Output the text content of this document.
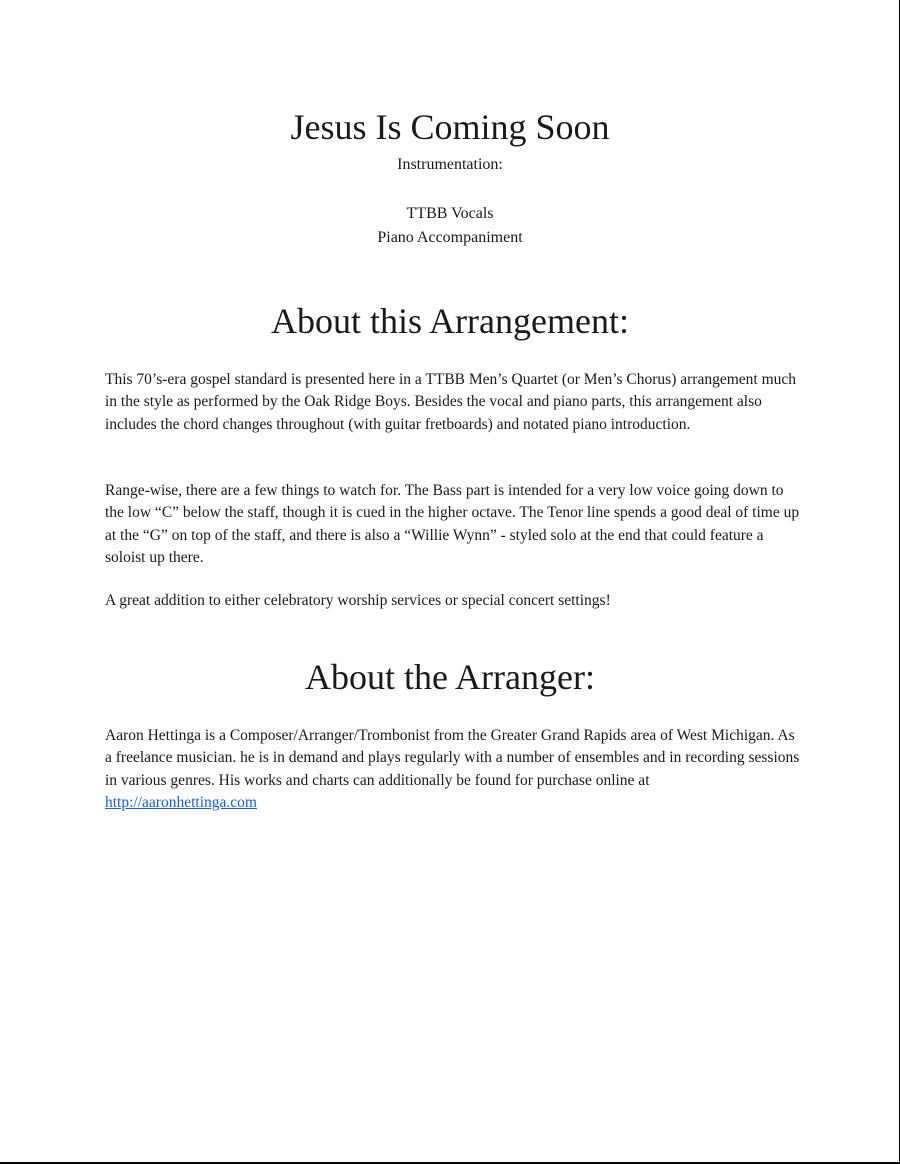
Jesus Is Coming Soon
Instrumentation:
TTBB Vocals
Piano Accompaniment
About this Arrangement:

This 70’s-era gospel standard is presented here in a TTBB Men’s Quartet (or Men’s Chorus) arrangement much in the style as performed by the Oak Ridge Boys. Besides the vocal and piano parts, this arrangement also includes the chord changes throughout (with guitar fretboards) and notated piano introduction.

Range-wise, there are a few things to watch for. The Bass part is intended for a very low voice going down to the low “C” below the staff, though it is cued in the higher octave. The Tenor line spends a good deal of time up at the “G” on top of the staff, and there is also a “Willie Wynn” - styled solo at the end that could feature a soloist up there.

A great addition to either celebratory worship services or special concert settings!

About the Arranger:

Aaron Hettinga is a Composer/Arranger/Trombonist from the Greater Grand Rapids area of West Michigan. As a freelance musician. he is in demand and plays regularly with a number of ensembles and in recording sessions in various genres. His works and charts can additionally be found for purchase online at http://aaronhettinga.com
